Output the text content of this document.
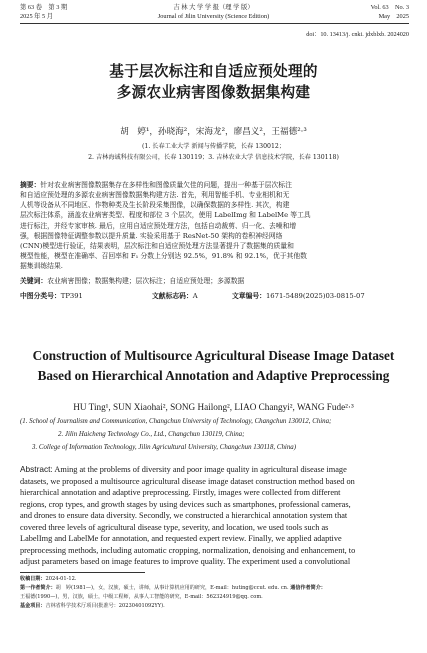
第 63 卷　第 3 期
2025 年 5 月
吉 林 大 学 学 报（理 学 版）
Journal of Jilin University (Science Edition)
Vol. 63　No. 3
May　2025
doi：10. 13413/j. cnki. jdxblxb. 2024020
基于层次标注和自适应预处理的
多源农业病害图像数据集构建
胡　婷¹，孙晓海²，宋海龙²，廖昌义²，王福德²·³
(1. 长春工业大学 新闻与传播学院，长春 130012；
2. 吉林海诚科技有限公司，长春 130119；3. 吉林农业大学 信息技术学院，长春 130118)
摘要：针对农业病害图像数据集存在多样性和图像质量欠佳的问题，提出一种基于层次标注
和自适应预处理的多源农业病害图像数据集构建方法. 首先，利用智能手机、专业相机和无
人机等设备从不同地区、作物种类及生长阶段采集图像，以确保数据的多样性. 其次，构建
层次标注体系，涵盖农业病害类型、程度和部位 3 个层次，使用 LabelImg 和 LabelMe 等工具
进行标注，并经专家审核. 最后，应用自适应预处理方法，包括自动裁剪、归一化、去噪和增
强，根据图像特征调整参数以提升质量. 实验采用基于 ResNet-50 架构的卷积神经网络
(CNN)模型进行验证，结果表明，层次标注和自适应预处理方法显著提升了数据集的质量和
模型性能，模型在准确率、召回率和 F₁ 分数上分别达 92.5%，91.8% 和 92.1%，优于其他数
据集训练结果.
关键词：农业病害图像；数据集构建；层次标注；自适应预处理；多源数据
中图分类号：TP391	文献标志码：A	文章编号：1671-5489(2025)03-0815-07
Construction of Multisource Agricultural Disease Image Dataset
Based on Hierarchical Annotation and Adaptive Preprocessing
HU Ting¹, SUN Xiaohai², SONG Hailong², LIAO Changyi², WANG Fude²·³
(1. School of Journalism and Communication, Changchun University of Technology, Changchun 130012, China;
2. Jilin Haicheng Technology Co., Ltd., Changchun 130119, China;
3. College of Information Technology, Jilin Agricultural University, Changchun 130118, China)
Abstract: Aming at the problems of diversity and poor image quality in agricultural disease image
datasets, we proposed a multisource agricultural disease image dataset construction method based on
hierarchical annotation and adaptive preprocessing. Firstly, images were collected from different
regions, crop types, and growth stages by using devices such as smartphones, professional cameras,
and drones to ensure data diversity. Secondly, we constructed a hierarchical annotation system that
covered three levels of agricultural disease type, severity, and location, we used tools such as
LabelImg and LabelMe for annotation, and requested expert review. Finally, we applied adaptive
preprocessing methods, including automatic cropping, normalization, denoising and enhancement, to
adjust parameters based on image features to improve quality. The experiment used a convolutional
收稿日期：2024-01-12.
第一作者简介：胡　婷(1981—)，女，汉族，硕士，讲师，从事计算机应用的研究，E-mail：huting@ccut. edu. cn. 通信作者简介：
王福德(1990—)，男，汉族，硕士，中级工程师，从事人工智能的研究，E-mail：562324919@qq. com.
基金项目：吉林省科学技术厅项目(批准号：20230401092YY).
